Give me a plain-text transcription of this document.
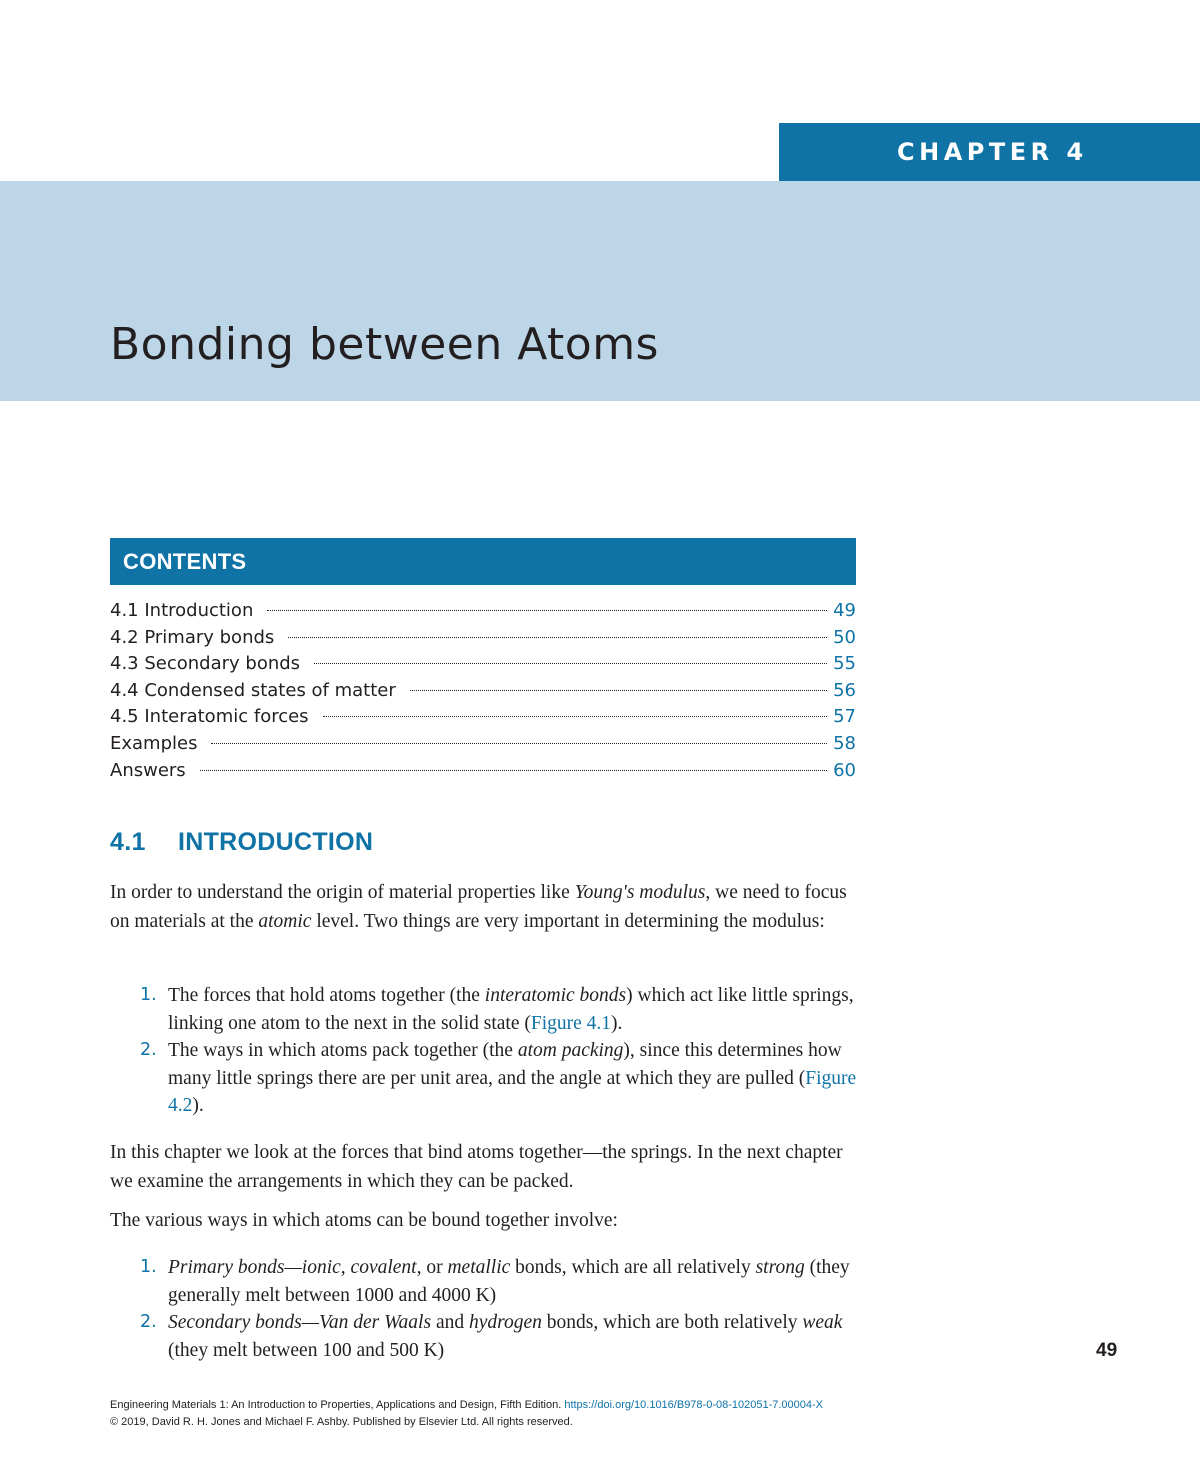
CHAPTER 4
Bonding between Atoms
CONTENTS
4.1 Introduction	49
4.2 Primary bonds	50
4.3 Secondary bonds	55
4.4 Condensed states of matter	56
4.5 Interatomic forces	57
Examples	58
Answers	60
4.1 INTRODUCTION

In order to understand the origin of material properties like Young's modulus, we need to focus on materials at the atomic level. Two things are very important in determining the modulus:

1. The forces that hold atoms together (the interatomic bonds) which act like little springs, linking one atom to the next in the solid state (Figure 4.1).
2. The ways in which atoms pack together (the atom packing), since this determines how many little springs there are per unit area, and the angle at which they are pulled (Figure 4.2).

In this chapter we look at the forces that bind atoms together—the springs. In the next chapter we examine the arrangements in which they can be packed.

The various ways in which atoms can be bound together involve:

1. Primary bonds—ionic, covalent, or metallic bonds, which are all relatively strong (they generally melt between 1000 and 4000 K)
2. Secondary bonds—Van der Waals and hydrogen bonds, which are both relatively weak (they melt between 100 and 500 K)	49
Engineering Materials 1: An Introduction to Properties, Applications and Design, Fifth Edition. https://doi.org/10.1016/B978-0-08-102051-7.00004-X
© 2019, David R. H. Jones and Michael F. Ashby. Published by Elsevier Ltd. All rights reserved.
